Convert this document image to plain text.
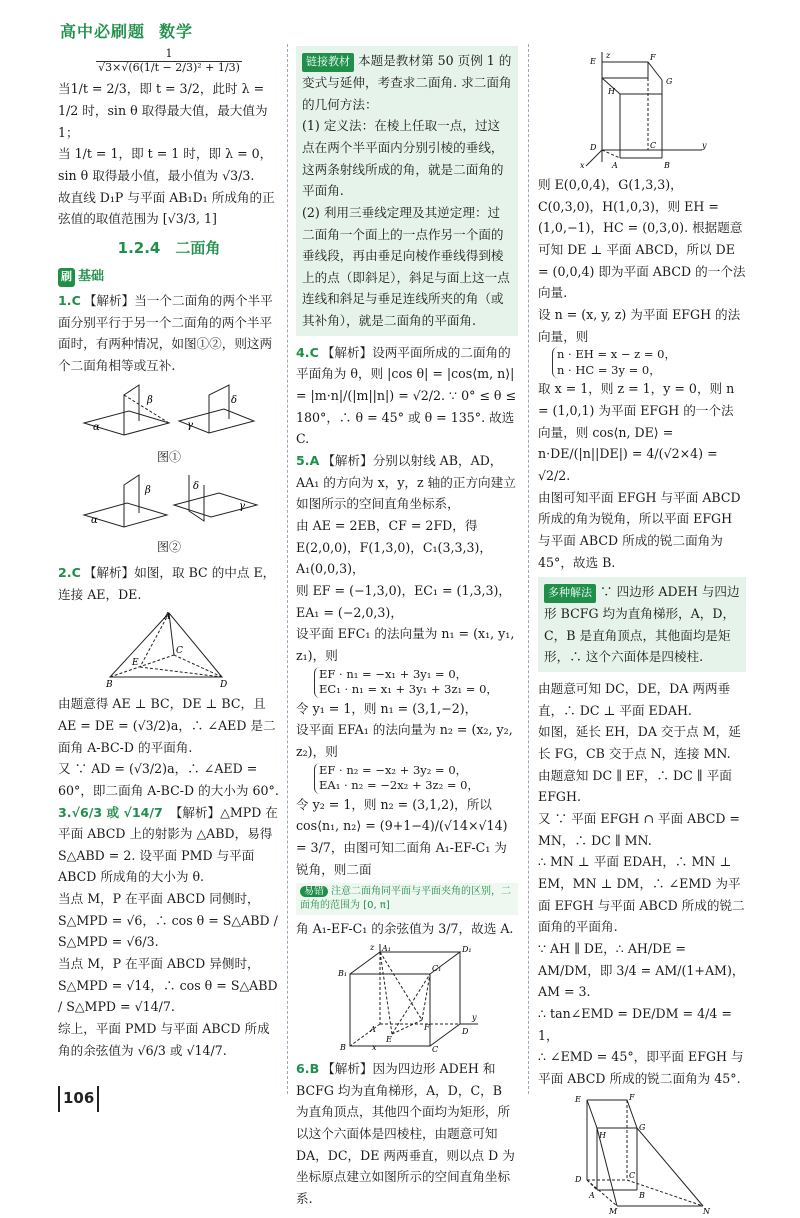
高中必刷题 数学
$\frac{1}{\text{√3×√(6(1/t − 2/3)² + 1/3)}}$

当1/t = 2/3，即 t = 3/2，此时 λ = 1/2 时，sin θ 取得最大值，最大值为 1；

当 1/t = 1，即 t = 1 时，即 λ = 0，sin θ 取得最小值，最小值为 √3/3.

故直线 D₁P 与平面 AB₁D₁ 所成角的正弦值的取值范围为 [√3/3, 1]

1.2.4　二面角
刷 基础

1.C 【解析】当一个二面角的两个半平面分别平行于另一个二面角的两个半平面时，有两种情况，如图①②，则这两个二面角相等或互补.

α
β
γ
δ
图①
α
β
γ
δ
图②

2.C 【解析】如图，取 BC 的中点 E，连接 AE，DE.

A
B
C
D
E

由题意得 AE ⊥ BC，DE ⊥ BC，且 AE = DE = (√3/2)a，∴ ∠AED 是二面角 A-BC-D 的平面角.

又 ∵ AD = (√3/2)a，∴ ∠AED = 60°，即二面角 A-BC-D 的大小为 60°.

3.√6/3 或 √14/7 【解析】△MPD 在平面 ABCD 上的射影为 △ABD，易得 S△ABD = 2. 设平面 PMD 与平面 ABCD 所成角的大小为 θ.

当点 M，P 在平面 ABCD 同侧时，S△MPD = √6，∴ cos θ = S△ABD / S△MPD = √6/3.

当点 M，P 在平面 ABCD 异侧时，S△MPD = √14，∴ cos θ = S△ABD / S△MPD = √14/7.

综上，平面 PMD 与平面 ABCD 所成角的余弦值为 √6/3 或 √14/7.

链接教材 本题是教材第 50 页例 1 的变式与延伸，考查求二面角. 求二面角的几何方法：

(1) 定义法：在棱上任取一点，过这点在两个半平面内分别引棱的垂线，这两条射线所成的角，就是二面角的平面角.

(2) 利用三垂线定理及其逆定理：过二面角一个面上的一点作另一个面的垂线段，再由垂足向棱作垂线得到棱上的点（即斜足），斜足与面上这一点连线和斜足与垂足连线所夹的角（或其补角），就是二面角的平面角.

4.C 【解析】设两平面所成的二面角的平面角为 θ，则 |cos θ| = |cos⟨m, n⟩| = |m·n|/(|m||n|) = √2/2. ∵ 0° ≤ θ ≤ 180°，∴ θ = 45° 或 θ = 135°. 故选 C.

5.A 【解析】分别以射线 AB，AD，AA₁ 的方向为 x，y，z 轴的正方向建立如图所示的空间直角坐标系，

由 AE = 2EB，CF = 2FD，得 E(2,0,0)，F(1,3,0)，C₁(3,3,3)，A₁(0,0,3)，

则 EF = (−1,3,0)，EC₁ = (1,3,3)，EA₁ = (−2,0,3)，

设平面 EFC₁ 的法向量为 n₁ = (x₁, y₁, z₁)，则

EF · n₁ = −x₁ + 3y₁ = 0，
EC₁ · n₁ = x₁ + 3y₁ + 3z₁ = 0，

令 y₁ = 1，则 n₁ = (3,1,−2)，

设平面 EFA₁ 的法向量为 n₂ = (x₂, y₂, z₂)，则

EF · n₂ = −x₂ + 3y₂ = 0，
EA₁ · n₂ = −2x₂ + 3z₂ = 0，

令 y₂ = 1，则 n₂ = (3,1,2)，所以 cos⟨n₁, n₂⟩ = (9+1−4)/(√14×√14) = 3/7，由图可知二面角 A₁-EF-C₁ 为锐角，则二面

易错 注意二面角同平面与平面夹角的区别，二面角的范围为 [0, π]

角 A₁-EF-C₁ 的余弦值为 3/7，故选 A.

A₁
B₁
C₁
D₁
A
B	C
D
E
F
x
y
z

6.B 【解析】因为四边形 ADEH 和 BCFG 均为直角梯形，A，D，C，B 为直角顶点，其他四个面均为矩形，所以这个六面体是四棱柱，由题意可知 DA，DC，DE 两两垂直，则以点 D 为坐标原点建立如图所示的空间直角坐标系.

E	F
G
H
D
A	B
C
x
y
z

则 E(0,0,4)，G(1,3,3)，C(0,3,0)，H(1,0,3)，则 EH = (1,0,−1)，HC = (0,3,0). 根据题意可知 DE ⊥ 平面 ABCD，所以 DE = (0,0,4) 即为平面 ABCD 的一个法向量.

设 n = (x, y, z) 为平面 EFGH 的法向量，则

n · EH = x − z = 0，
n · HC = 3y = 0，

取 x = 1，则 z = 1，y = 0，则 n = (1,0,1) 为平面 EFGH 的一个法向量，则 cos⟨n, DE⟩ = n·DE/(|n||DE|) = 4/(√2×4) = √2/2.

由图可知平面 EFGH 与平面 ABCD 所成的角为锐角，所以平面 EFGH 与平面 ABCD 所成的锐二面角为 45°，故选 B.

多种解法 ∵ 四边形 ADEH 与四边形 BCFG 均为直角梯形，A，D，C，B 是直角顶点，其他面均是矩形，∴ 这个六面体是四棱柱.

由题意可知 DC，DE，DA 两两垂直，∴ DC ⊥ 平面 EDAH.

如图，延长 EH，DA 交于点 M，延长 FG，CB 交于点 N，连接 MN.

由题意知 DC ∥ EF，∴ DC ∥ 平面 EFGH.

又 ∵ 平面 EFGH ∩ 平面 ABCD = MN，∴ DC ∥ MN.

∴ MN ⊥ 平面 EDAH，∴ MN ⊥ EM，MN ⊥ DM，∴ ∠EMD 为平面 EFGH 与平面 ABCD 所成的锐二面角的平面角.

∵ AH ∥ DE，∴ AH/DE = AM/DM，即 3/4 = AM/(1+AM)，AM = 3.

∴ tan∠EMD = DE/DM = 4/4 = 1，

∴ ∠EMD = 45°，即平面 EFGH 与平面 ABCD 所成的锐二面角为 45°.

E	F
G
H
D
A	B
C
M	N
106
